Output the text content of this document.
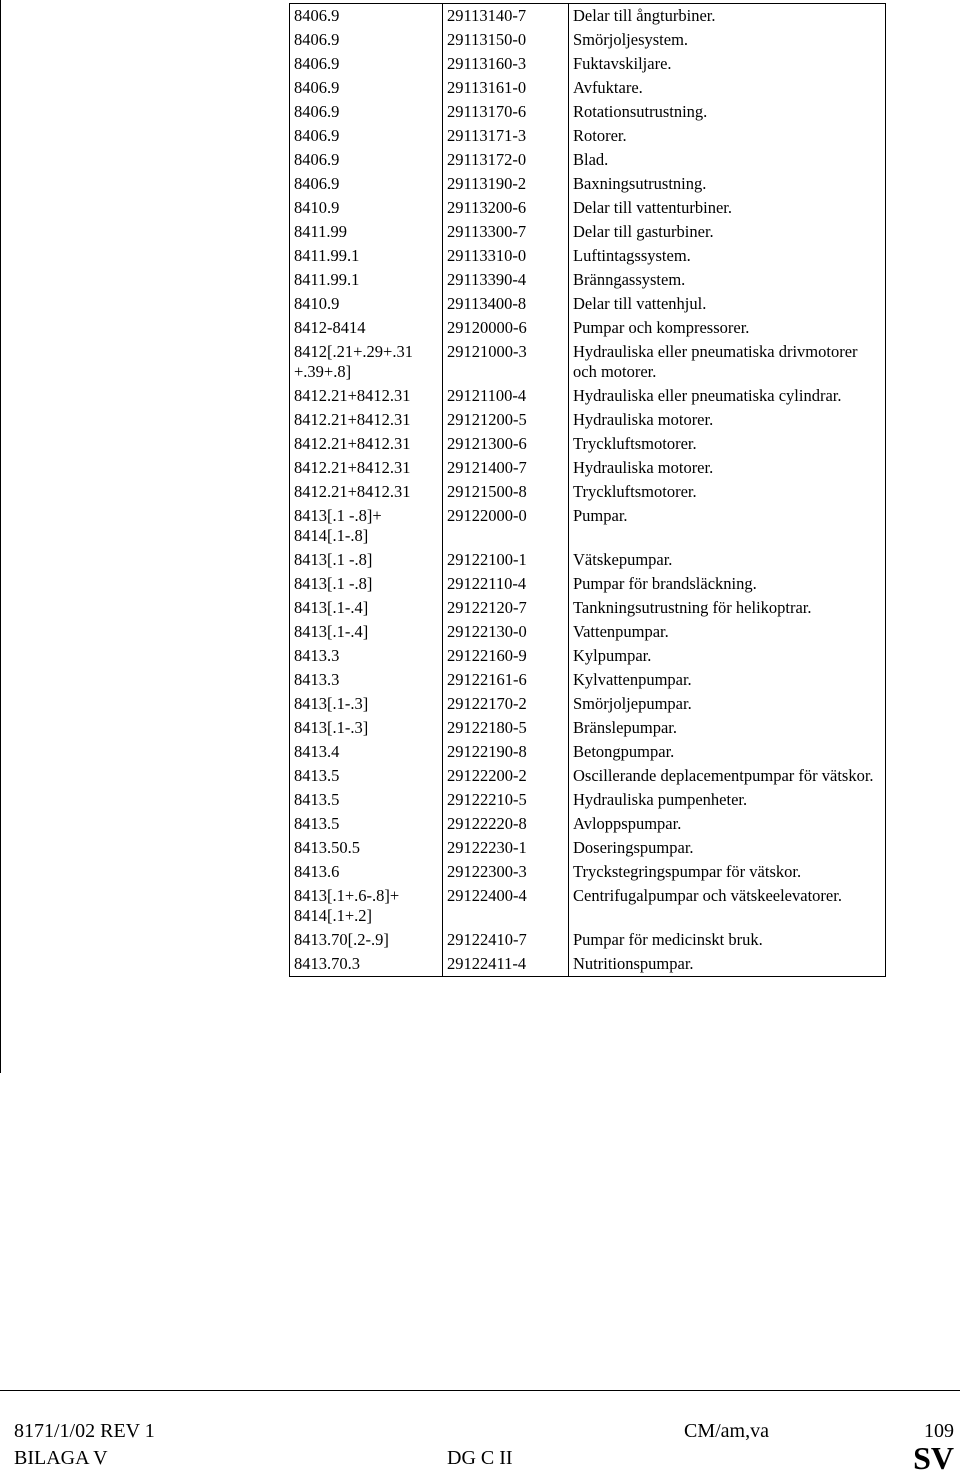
8406.9	29113140-7	Delar till ångturbiner.
8406.9	29113150-0	Smörjoljesystem.
8406.9	29113160-3	Fuktavskiljare.
8406.9	29113161-0	Avfuktare.
8406.9	29113170-6	Rotationsutrustning.
8406.9	29113171-3	Rotorer.
8406.9	29113172-0	Blad.
8406.9	29113190-2	Baxningsutrustning.
8410.9	29113200-6	Delar till vattenturbiner.
8411.99	29113300-7	Delar till gasturbiner.
8411.99.1	29113310-0	Luftintagssystem.
8411.99.1	29113390-4	Bränngassystem.
8410.9	29113400-8	Delar till vattenhjul.
8412-8414	29120000-6	Pumpar och kompressorer.
8412[.21+.29+.31 +.39+.8]	29121000-3	Hydrauliska eller pneumatiska drivmotorer och motorer.
8412.21+8412.31	29121100-4	Hydrauliska eller pneumatiska cylindrar.
8412.21+8412.31	29121200-5	Hydrauliska motorer.
8412.21+8412.31	29121300-6	Tryckluftsmotorer.
8412.21+8412.31	29121400-7	Hydrauliska motorer.
8412.21+8412.31	29121500-8	Tryckluftsmotorer.
8413[.1 -.8]+ 8414[.1-.8]	29122000-0	Pumpar.
8413[.1 -.8]	29122100-1	Vätskepumpar.
8413[.1 -.8]	29122110-4	Pumpar för brandsläckning.
8413[.1-.4]	29122120-7	Tankningsutrustning för helikoptrar.
8413[.1-.4]	29122130-0	Vattenpumpar.
8413.3	29122160-9	Kylpumpar.
8413.3	29122161-6	Kylvattenpumpar.
8413[.1-.3]	29122170-2	Smörjoljepumpar.
8413[.1-.3]	29122180-5	Bränslepumpar.
8413.4	29122190-8	Betongpumpar.
8413.5	29122200-2	Oscillerande deplacementpumpar för vätskor.
8413.5	29122210-5	Hydrauliska pumpenheter.
8413.5	29122220-8	Avloppspumpar.
8413.50.5	29122230-1	Doseringspumpar.
8413.6	29122300-3	Tryckstegringspumpar för vätskor.
8413[.1+.6-.8]+ 8414[.1+.2]	29122400-4	Centrifugalpumpar och vätskeelevatorer.
8413.70[.2-.9]	29122410-7	Pumpar för medicinskt bruk.
8413.70.3	29122411-4	Nutritionspumpar.
8171/1/02 REV 1	CM/am,va	109
BILAGA V	DG C II	SV
